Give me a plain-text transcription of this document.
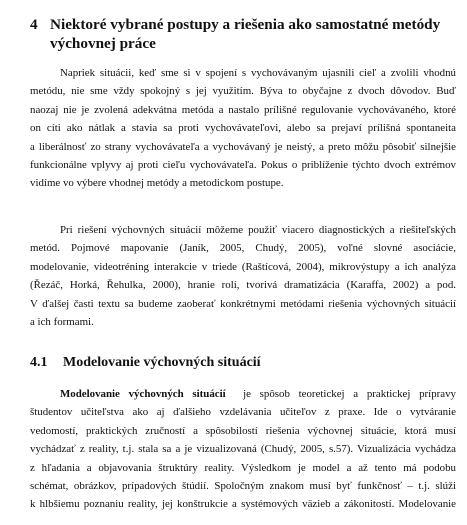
4 Niektoré vybrané postupy a riešenia ako samostatné metódy
výchovnej práce
Napriek situácii, keď sme si v spojení s vychovávaným ujasnili cieľ a zvolili vhodnú
metódu, nie sme vždy spokojný s jej využitím. Býva to obyčajne z dvoch dôvodov. Buď
naozaj nie je zvolená adekvátna metóda a nastalo prílišné regulovanie vychovávaného, ktoré
on cíti ako nátlak a stavia sa proti vychovávateľovi, alebo sa prejaví prílišná spontaneita
a liberálnosť zo strany vychovávateľa a vychovávaný je neistý, a preto môžu pôsobiť silnejšie
funkcionálne vplyvy aj proti cieľu vychovávateľa. Pokus o priblíženie týchto dvoch extrémov
vidíme vo výbere vhodnej metódy a metodickom postupe.
Pri riešení výchovných situácií môžeme použiť viacero diagnostických a riešiteľských
metód. Pojmové mapovanie (Janík, 2005, Chudý, 2005), voľné slovné asociácie,
modelovanie, videotréning interakcie v triede (Raštícová, 2004), mikrovýstupy a ich analýza
(Řezáč, Horká, Řehulka, 2000), hranie rolí, tvorivá dramatizácia (Karaffa, 2002) a pod.
V ďalšej časti textu sa budeme zaoberať konkrétnymi metódami riešenia výchovných situácií
a ich formami.
4.1 Modelovanie výchovných situácií
Modelovanie výchovných situácií je spôsob teoretickej a praktickej prípravy
študentov učiteľstva ako aj ďalšieho vzdelávania učiteľov z praxe. Ide o vytváranie
vedomostí, praktických zručností a spôsobilostí riešenia výchovnej situácie, ktorá musí
vychádzať z reality, t.j. stala sa a je vizualizovaná (Chudý, 2005, s.57). Vizualizácia vychádza
z hľadania a objavovania štruktúry reality. Výsledkom je model a až tento má podobu
schémat, obrázkov, prípadových štúdií. Spoločným znakom musí byť funkčnosť – t.j. slúži
k hlbšiemu poznaniu reality, jej konštrukcie a systémových väzieb a zákonitostí. Modelovanie
